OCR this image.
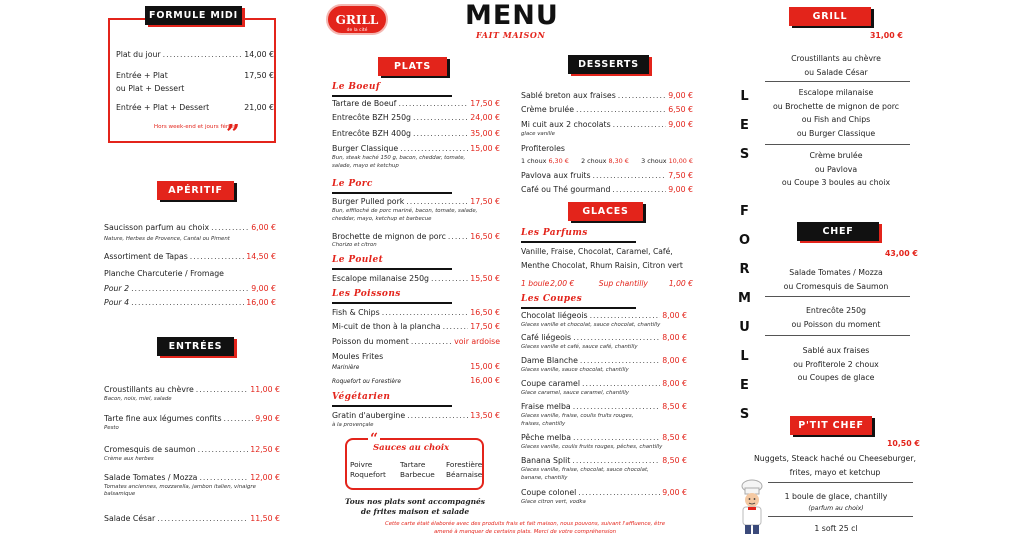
FORMULE MIDI
Plat du jour .....	14,00 €
Entrée + Plat	17,50 €
ou Plat + Dessert
Entrée + Plat + Dessert	21,00 €
Hors week-end et jours fériés
”
APÉRITIF
Saucisson parfum au choix .....	6,00 €
Nature, Herbes de Provence, Cantal ou Piment
Assortiment de Tapas .....	14,50 €
Planche Charcuterie / Fromage
Pour 2 .....	9,00 €
Pour 4 .....	16,00 €
ENTRÉES
Croustillants au chèvre .....	11,00 €
Bacon, noix, miel, salade
Tarte fine aux légumes confits .....	9,90 €
Pesto
Cromesquis de saumon .....	12,50 €
Crème aux herbes
Salade Tomates / Mozza .....	12,00 €
Tomates anciennes, mozzarella, jambon italien, vinaigre
balsamique
Salade César .....	11,50 €
GRILL
de la cité	MENU
FAIT MAISON
PLATS
Le Boeuf
Tartare de Boeuf .....	17,50 €
Entrecôte BZH 250g .....	24,00 €
Entrecôte BZH 400g .....	35,00 €
Burger Classique .....	15,00 €
Bun, steak haché 150 g, bacon, cheddar, tomate,
salade, mayo et ketchup
Le Porc
Burger Pulled pork .....	17,50 €
Bun, effiloché de porc mariné, bacon, tomate, salade,
cheddar, mayo, ketchup et barbecue
Brochette de mignon de porc .....	16,50 €
Chorizo et citron
Le Poulet
Escalope milanaise 250g .....	15,50 €
Les Poissons
Fish & Chips .....	16,50 €
Mi-cuit de thon à la plancha .....	17,50 €
Poisson du moment .....	voir ardoise
Moules Frites
Marinière	15,00 €
Roquefort ou Forestière	16,00 €
Végétarien
Gratin d'aubergine .....	13,50 €
à la provençale
“
Sauces au choix
Poivre
Roquefort
Tartare
Barbecue
Forestière
Béarnaise
Tous nos plats sont accompagnés
de frites maison et salade
Cette carte était élaborée avec des produits frais et fait maison, nous pouvons, suivant l'affluence, être
amené à manquer de certains plats. Merci de votre compréhension
DESSERTS
Sablé breton aux fraises .....	9,00 €
Crème brulée .....	6,50 €
Mi cuit aux 2 chocolats .....	9,00 €
glace vanille
Profiteroles
1 choux 6,30 € 2 choux 8,30 € 3 choux 10,00 €
Pavlova aux fruits .....	7,50 €
Café ou Thé gourmand .....	9,00 €
GLACES
Les Parfums
Vanille, Fraise, Chocolat, Caramel, Café,
Menthe Chocolat, Rhum Raisin, Citron vert
1 boule 2,00 €	Sup chantilly	1,00 €
Les Coupes
Chocolat liégeois .....	8,00 €
Glaces vanille et chocolat, sauce chocolat, chantilly
Café liégeois .....	8,00 €
Glaces vanille et café, sauce café, chantilly
Dame Blanche .....	8,00 €
Glaces vanille, sauce chocolat, chantilly
Coupe caramel .....	8,00 €
Glace caramel, sauce caramel, chantilly
Fraise melba .....	8,50 €
Glaces vanille, fraise, coulis fruits rouges,
fraises, chantilly
Pêche melba .....	8,50 €
Glaces vanille, coulis fruits rouges, pêches, chantilly
Banana Split .....	8,50 €
Glaces vanille, fraise, chocolat, sauce chocolat,
banane, chantilly
Coupe colonel .....	9,00 €
Glace citron vert, vodka
L
E
S
F
O
R
M
U
L
E
S
GRILL
31,00 €
Croustillants au chèvre
ou Salade César
Escalope milanaise
ou Brochette de mignon de porc
ou Fish and Chips
ou Burger Classique
Crème brulée
ou Pavlova
ou Coupe 3 boules au choix
CHEF
43,00 €
Salade Tomates / Mozza
ou Cromesquis de Saumon
Entrecôte 250g
ou Poisson du moment
Sablé aux fraises
ou Profiterole 2 choux
ou Coupes de glace
P'TIT CHEF
10,50 €
Nuggets, Steack haché ou Cheeseburger,
frites, mayo et ketchup
1 boule de glace, chantilly
(parfum au choix)
1 soft 25 cl
